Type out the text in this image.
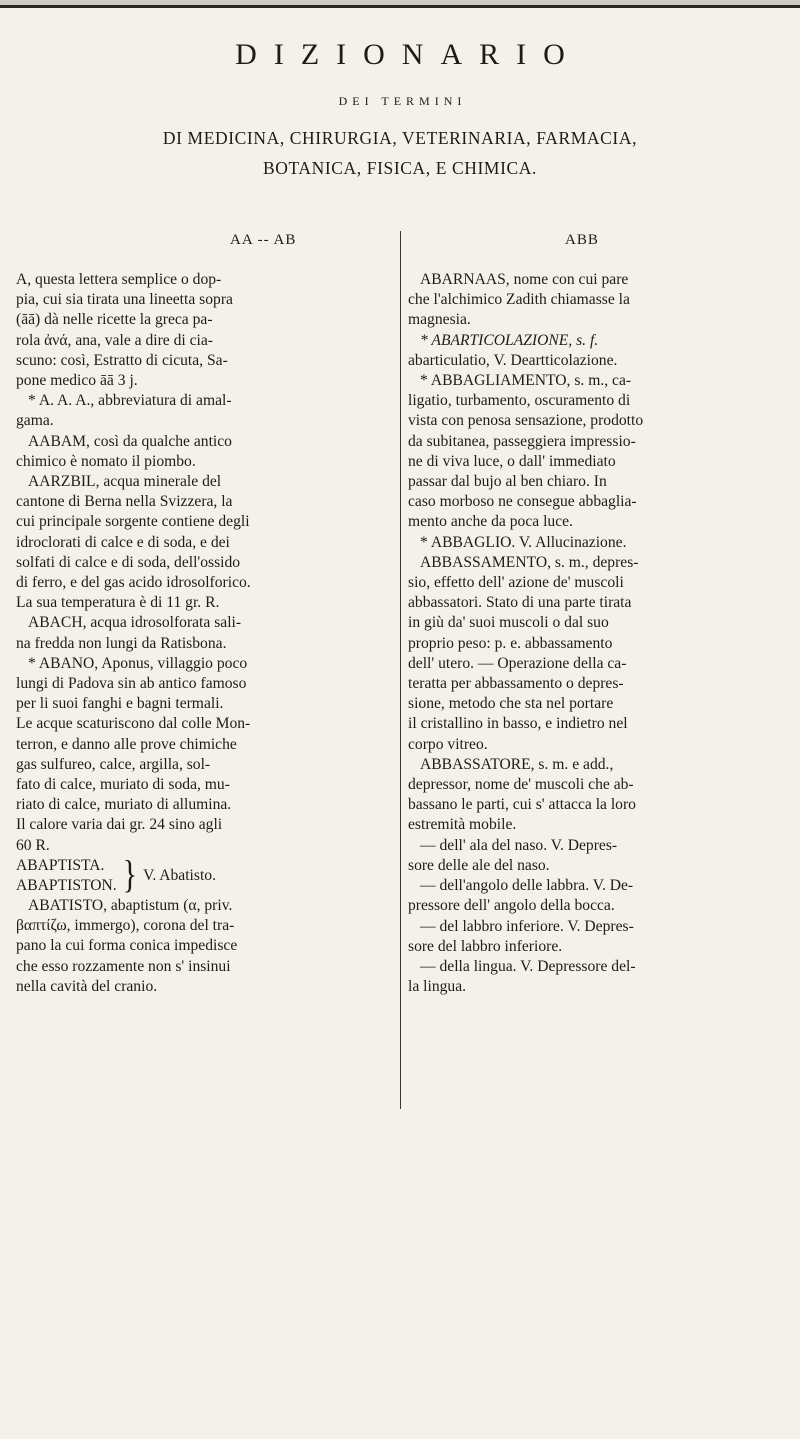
DIZIONARIO
DEI TERMINI
DI MEDICINA, CHIRURGIA, VETERINARIA, FARMACIA,
BOTANICA, FISICA, E CHIMICA.
AA -- AB	ABB

A, questa lettera semplice o dop-

pia, cui sia tirata una lineetta sopra

(āā) dà nelle ricette la greca pa-

rola ἀνά, ana, vale a dire di cia-

scuno: così, Estratto di cicuta, Sa-

pone medico āā 3 j.

* A. A. A., abbreviatura di amal-

gama.

AABAM, così da qualche antico

chimico è nomato il piombo.

AARZBIL, acqua minerale del

cantone di Berna nella Svizzera, la

cui principale sorgente contiene degli

idroclorati di calce e di soda, e dei

solfati di calce e di soda, dell'ossido

di ferro, e del gas acido idrosolforico.

La sua temperatura è di 11 gr. R.

ABACH, acqua idrosolforata sali-

na fredda non lungi da Ratisbona.

* ABANO, Aponus, villaggio poco

lungi di Padova sin ab antico famoso

per li suoi fanghi e bagni termali.

Le acque scaturiscono dal colle Mon-

terron, e danno alle prove chimiche

gas sulfureo, calce, argilla, sol-

fato di calce, muriato di soda, mu-

riato di calce, muriato di allumina.

Il calore varia dai gr. 24 sino agli

60 R.

ABAPTISTA.
ABAPTISTON. } V. Abatisto.

ABATISTO, abaptistum (α, priv.

βαπτίζω, immergo), corona del tra-

pano la cui forma conica impedisce

che esso rozzamente non s' insinui

nella cavità del cranio.

ABARNAAS, nome con cui pare

che l'alchimico Zadith chiamasse la

magnesia.

* ABARTICOLAZIONE, s. f.

abarticulatio, V. Deartticolazione.

* ABBAGLIAMENTO, s. m., ca-

ligatio, turbamento, oscuramento di

vista con penosa sensazione, prodotto

da subitanea, passeggiera impressio-

ne di viva luce, o dall' immediato

passar dal bujo al ben chiaro. In

caso morboso ne consegue abbaglia-

mento anche da poca luce.

* ABBAGLIO. V. Allucinazione.

ABBASSAMENTO, s. m., depres-

sio, effetto dell' azione de' muscoli

abbassatori. Stato di una parte tirata

in giù da' suoi muscoli o dal suo

proprio peso: p. e. abbassamento

dell' utero. — Operazione della ca-

teratta per abbassamento o depres-

sione, metodo che sta nel portare

il cristallino in basso, e indietro nel

corpo vitreo.

ABBASSATORE, s. m. e add.,

depressor, nome de' muscoli che ab-

bassano le parti, cui s' attacca la loro

estremità mobile.

— dell' ala del naso. V. Depres-

sore delle ale del naso.

— dell'angolo delle labbra. V. De-

pressore dell' angolo della bocca.

— del labbro inferiore. V. Depres-

sore del labbro inferiore.

— della lingua. V. Depressore del-

la lingua.
